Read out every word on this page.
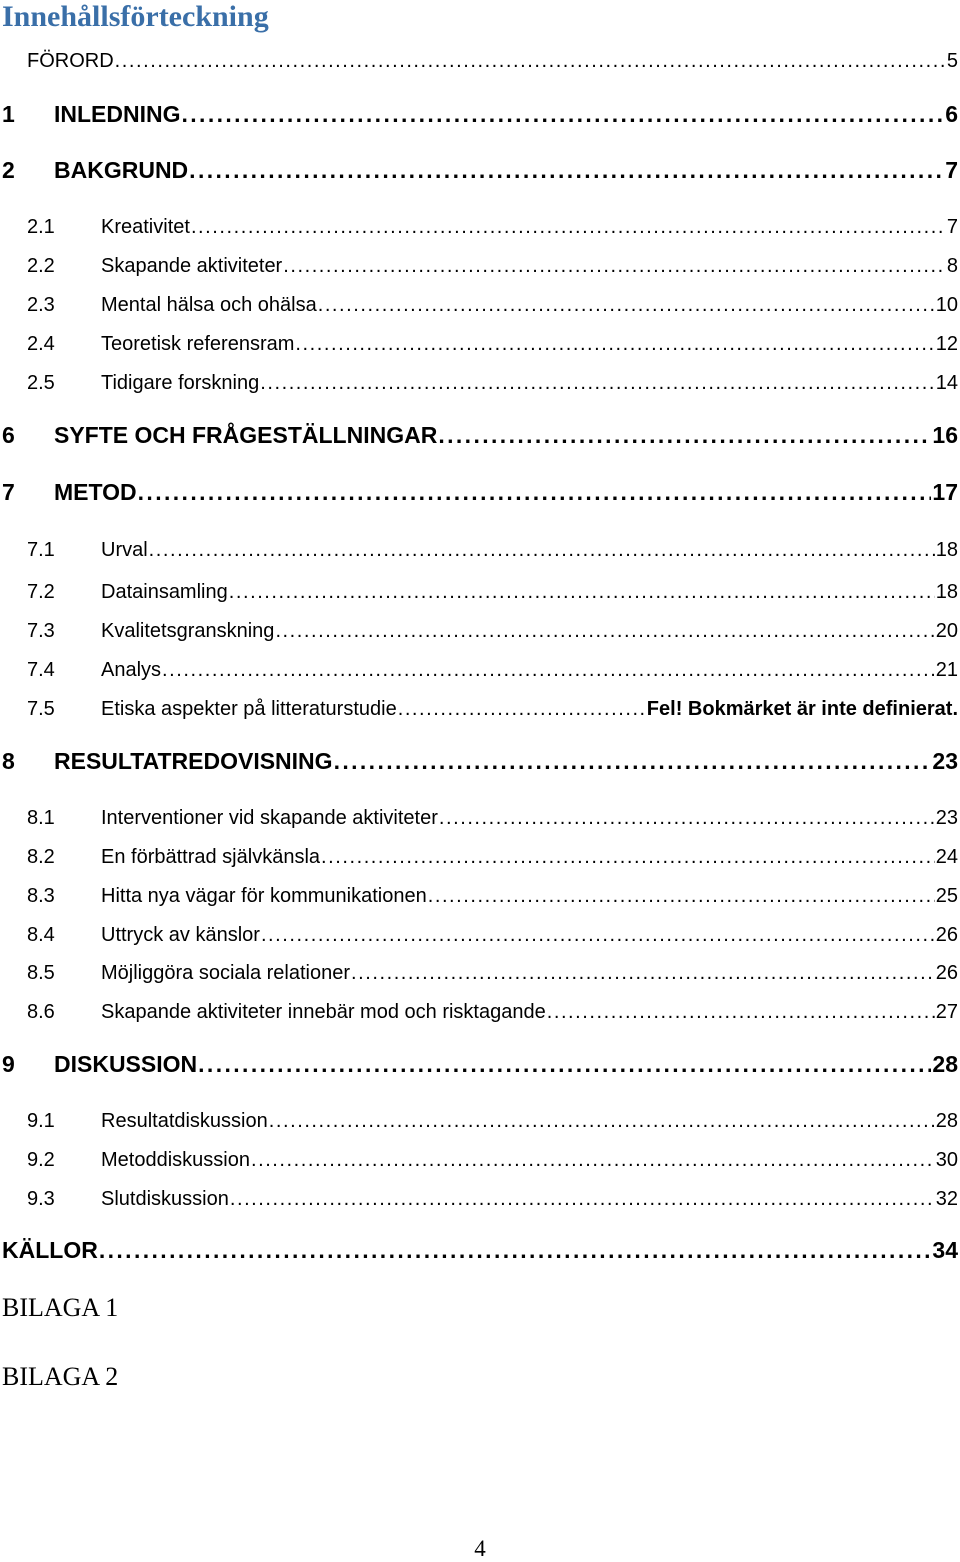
Innehållsförteckning
FÖRORD . . .	5
1	INLEDNING . . .	6
2	BAKGRUND . . .	7
2.1	Kreativitet . . .	7
2.2	Skapande aktiviteter . . .	8
2.3	Mental hälsa och ohälsa . . .	10
2.4	Teoretisk referensram . . .	12
2.5	Tidigare forskning . . .	14
6	SYFTE OCH FRÅGESTÄLLNINGAR . . .	16
7	METOD . . .	17
7.1	Urval . . .	18
7.2	Datainsamling . . .	18
7.3	Kvalitetsgranskning . . .	20
7.4	Analys . . .	21
7.5	Etiska aspekter på litteraturstudie . . .	Fel! Bokmärket är inte definierat.
8	RESULTATREDOVISNING . . .	23
8.1	Interventioner vid skapande aktiviteter . . .	23
8.2	En förbättrad självkänsla . . .	24
8.3	Hitta nya vägar för kommunikationen . . .	25
8.4	Uttryck av känslor . . .	26
8.5	Möjliggöra sociala relationer . . .	26
8.6	Skapande aktiviteter innebär mod och risktagande . . .	27
9	DISKUSSION . . .	28
9.1	Resultatdiskussion . . .	28
9.2	Metoddiskussion . . .	30
9.3	Slutdiskussion . . .	32
KÄLLOR . . .	34
BILAGA 1
BILAGA 2
4
